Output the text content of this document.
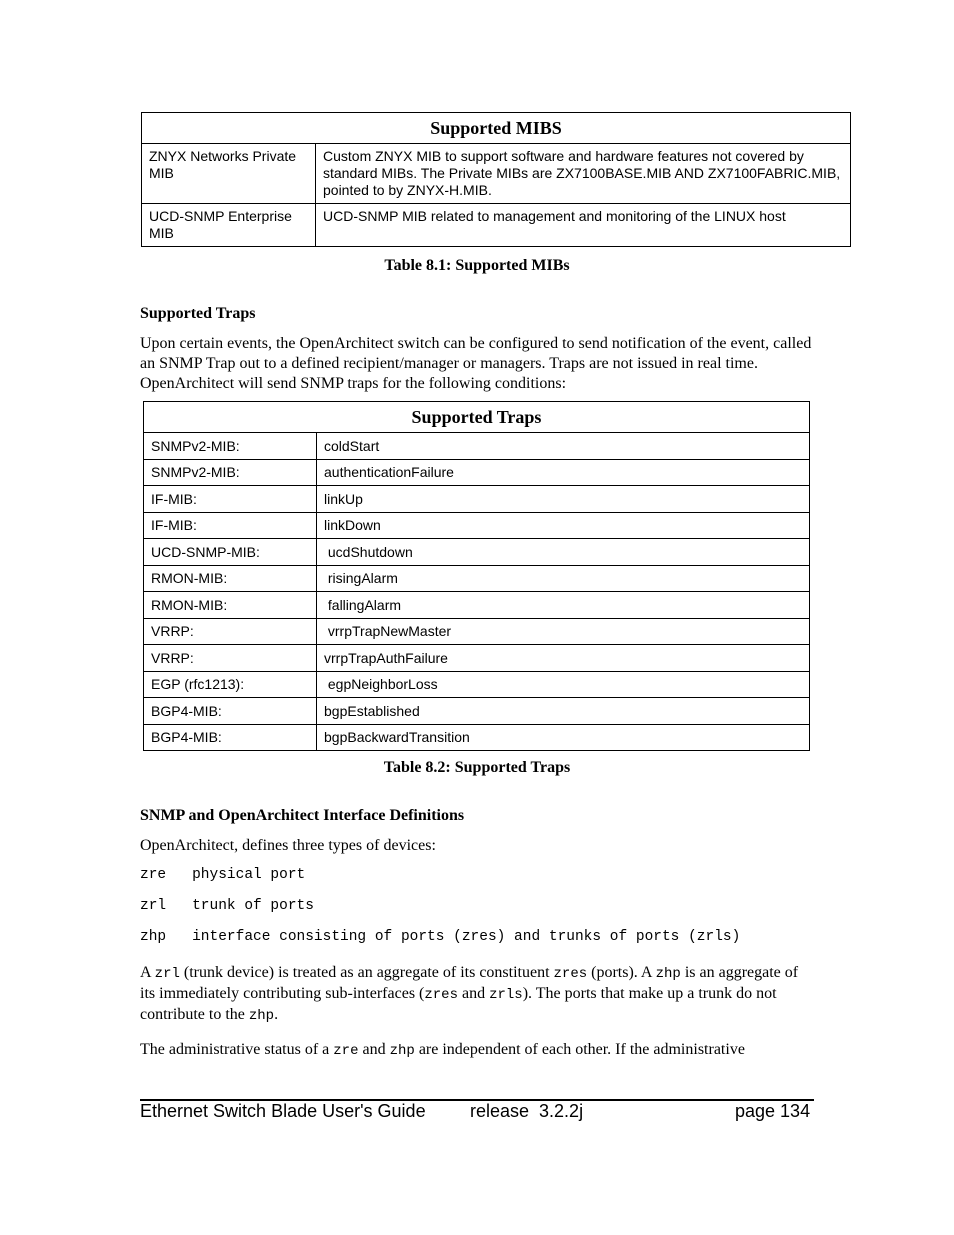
Supported MIBS	
ZNYX Networks Private MIB	Custom ZNYX MIB to support software and hardware features not covered by standard MIBs. The Private MIBs are ZX7100BASE.MIB AND ZX7100FABRIC.MIB, pointed to by ZNYX-H.MIB.
UCD-SNMP Enterprise MIB	UCD-SNMP MIB related to management and monitoring of the LINUX host
Table 8.1: Supported MIBs
Supported Traps
Upon certain events, the OpenArchitect switch can be configured to send notification of the event, called an SNMP Trap out to a defined recipient/manager or managers. Traps are not issued in real time. OpenArchitect will send SNMP traps for the following conditions:
Supported Traps	
SNMPv2-MIB:	coldStart
SNMPv2-MIB:	authenticationFailure
IF-MIB:	linkUp
IF-MIB:	linkDown
UCD-SNMP-MIB:	ucdShutdown
RMON-MIB:	risingAlarm
RMON-MIB:	fallingAlarm
VRRP:	vrrpTrapNewMaster
VRRP:	vrrpTrapAuthFailure
EGP (rfc1213):	egpNeighborLoss
BGP4-MIB:	bgpEstablished
BGP4-MIB:	bgpBackwardTransition
Table 8.2: Supported Traps
SNMP and OpenArchitect Interface Definitions
OpenArchitect, defines three types of devices:
zre physical port
zrl trunk of ports
zhp interface consisting of ports (zres) and trunks of ports (zrls)
A zrl (trunk device) is treated as an aggregate of its constituent zres (ports). A zhp is an aggregate of its immediately contributing sub-interfaces (zres and zrls). The ports that make up a trunk do not contribute to the zhp.
The administrative status of a zre and zhp are independent of each other. If the administrative
Ethernet Switch Blade User's Guide release  3.2.2j	page 134
